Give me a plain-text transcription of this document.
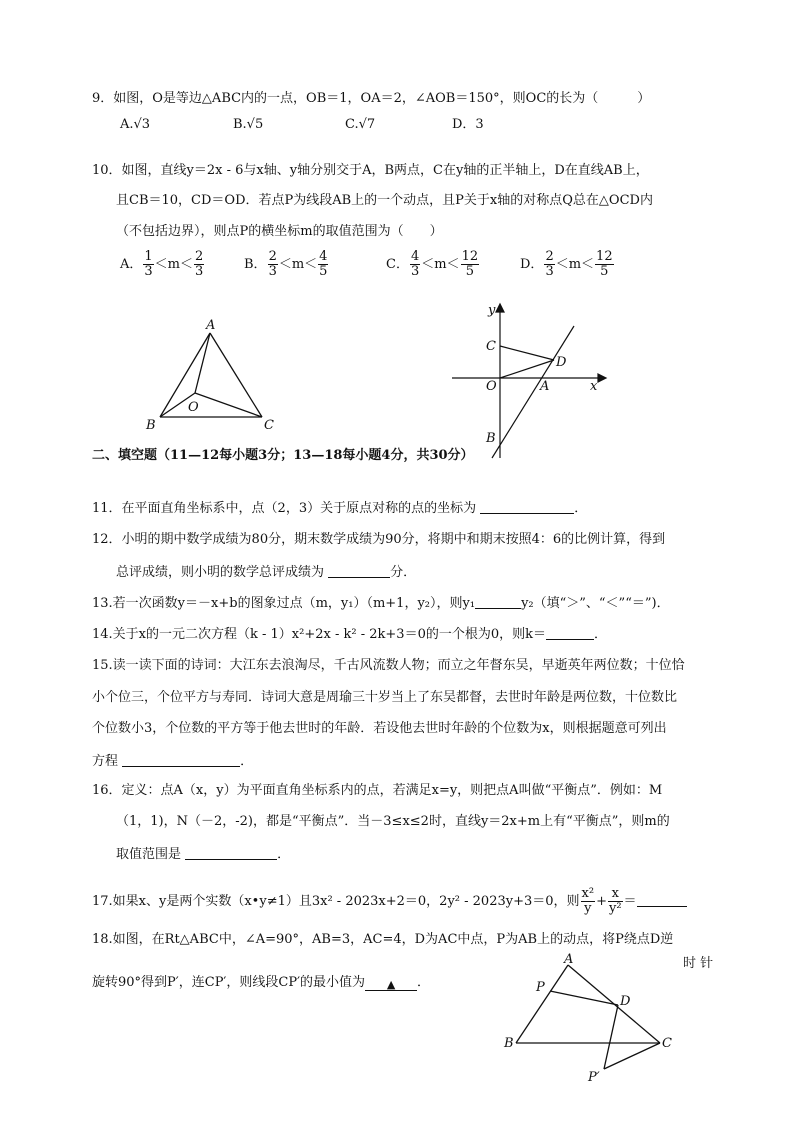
9．如图，O是等边△ABC内的一点，OB＝1，OA＝2，∠AOB＝150°，则OC的长为（　　　）
A.√3	B.√5	C.√7	D．3
10．如图，直线y＝2x - 6与x轴、y轴分别交于A，B两点，C在y轴的正半轴上，D在直线AB上，
且CB＝10，CD＝OD．若点P为线段AB上的一个动点，且P关于x轴的对称点Q总在△OCD内
（不包括边界），则点P的横坐标m的取值范围为（　　）
A． $\frac{1}{3} <m< \frac{2}{3}$	B． $\frac{2}{3} <m< \frac{4}{5}$	C． $\frac{4}{3} <m< \frac{12}{5}$	D． $\frac{2}{3} <m< \frac{12}{5}$
A
B	C
O
y
x
C
D
O	A
B
二、填空题（11—12每小题3分；13—18每小题4分，共30分）
11．在平面直角坐标系中，点（2，3）关于原点对称的点的坐标为	．
12．小明的期中数学成绩为80分，期末数学成绩为90分，将期中和期末按照4：6的比例计算，得到
总评成绩，则小明的数学总评成绩为	分．
13.若一次函数y＝－x+b的图象过点（m，y₁）（m+1，y₂），则y₁	y₂（填“＞”、“＜”“＝”)．
14.关于x的一元二次方程（k - 1）x²+2x - k² - 2k+3＝0的一个根为0，则k＝	．
15.读一读下面的诗词：大江东去浪淘尽，千古风流数人物；而立之年督东吴，早逝英年两位数；十位恰
小个位三，个位平方与寿同．诗词大意是周瑜三十岁当上了东吴都督，去世时年龄是两位数，十位数比
个位数小3，个位数的平方等于他去世时的年龄．若设他去世时年龄的个位数为x，则根据题意可列出
方程	．
16．定义：点A（x，y）为平面直角坐标系内的点，若满足x=y，则把点A叫做“平衡点”．例如：M
（1，1)，N（－2，-2)，都是“平衡点”．当－3≤x≤2时，直线y＝2x+m上有“平衡点”，则m的
取值范围是	．
17.如果x、y是两个实数（x•y≠1）且3x² - 2023x+2＝0，2y² - 2023y+3＝0，则 $\frac{\text{x²}}{y} + \frac{x}{\text{y²}}$ ＝
18.如图，在Rt△ABC中，∠A=90°，AB=3，AC=4，D为AC中点，P为AB上的动点，将P绕点D逆
时 针
旋转90°得到P′，连CP′，则线段CP′的最小值为 ▲ ．
A
P
D
B	C
P′
